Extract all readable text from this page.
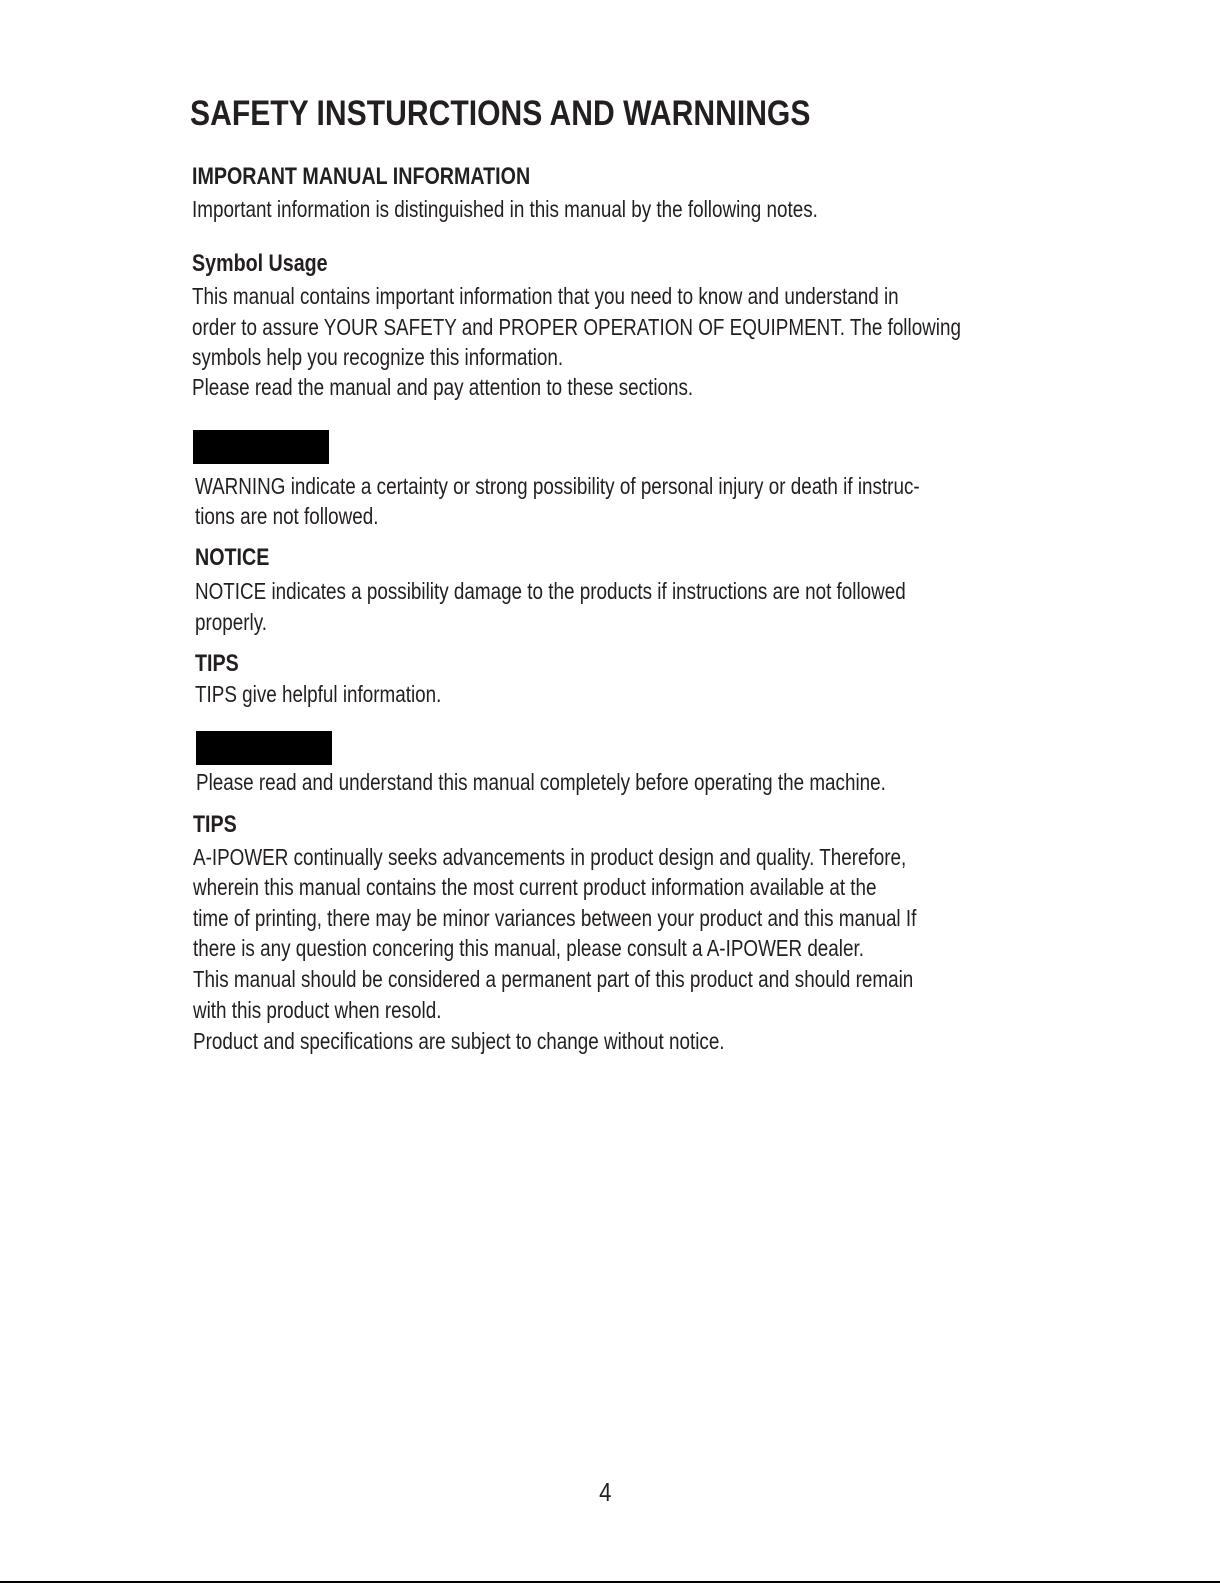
SAFETY INSTURCTIONS AND WARNNINGS
IMPORANT MANUAL INFORMATION
Important information is distinguished in this manual by the following notes.
Symbol Usage
This manual contains important information that you need to know and understand in
order to assure YOUR SAFETY and PROPER OPERATION OF EQUIPMENT. The following
symbols help you recognize this information.
Please read the manual and pay attention to these sections.
WARNING indicate a certainty or strong possibility of personal injury or death if instruc-
tions are not followed.
NOTICE
NOTICE indicates a possibility damage to the products if instructions are not followed
properly.
TIPS
TIPS give helpful information.
Please read and understand this manual completely before operating the machine.
TIPS
A-IPOWER continually seeks advancements in product design and quality. Therefore,
wherein this manual contains the most current product information available at the
time of printing, there may be minor variances between your product and this manual If
there is any question concering this manual, please consult a A-IPOWER dealer.
This manual should be considered a permanent part of this product and should remain
with this product when resold.
Product and specifications are subject to change without notice.
4
